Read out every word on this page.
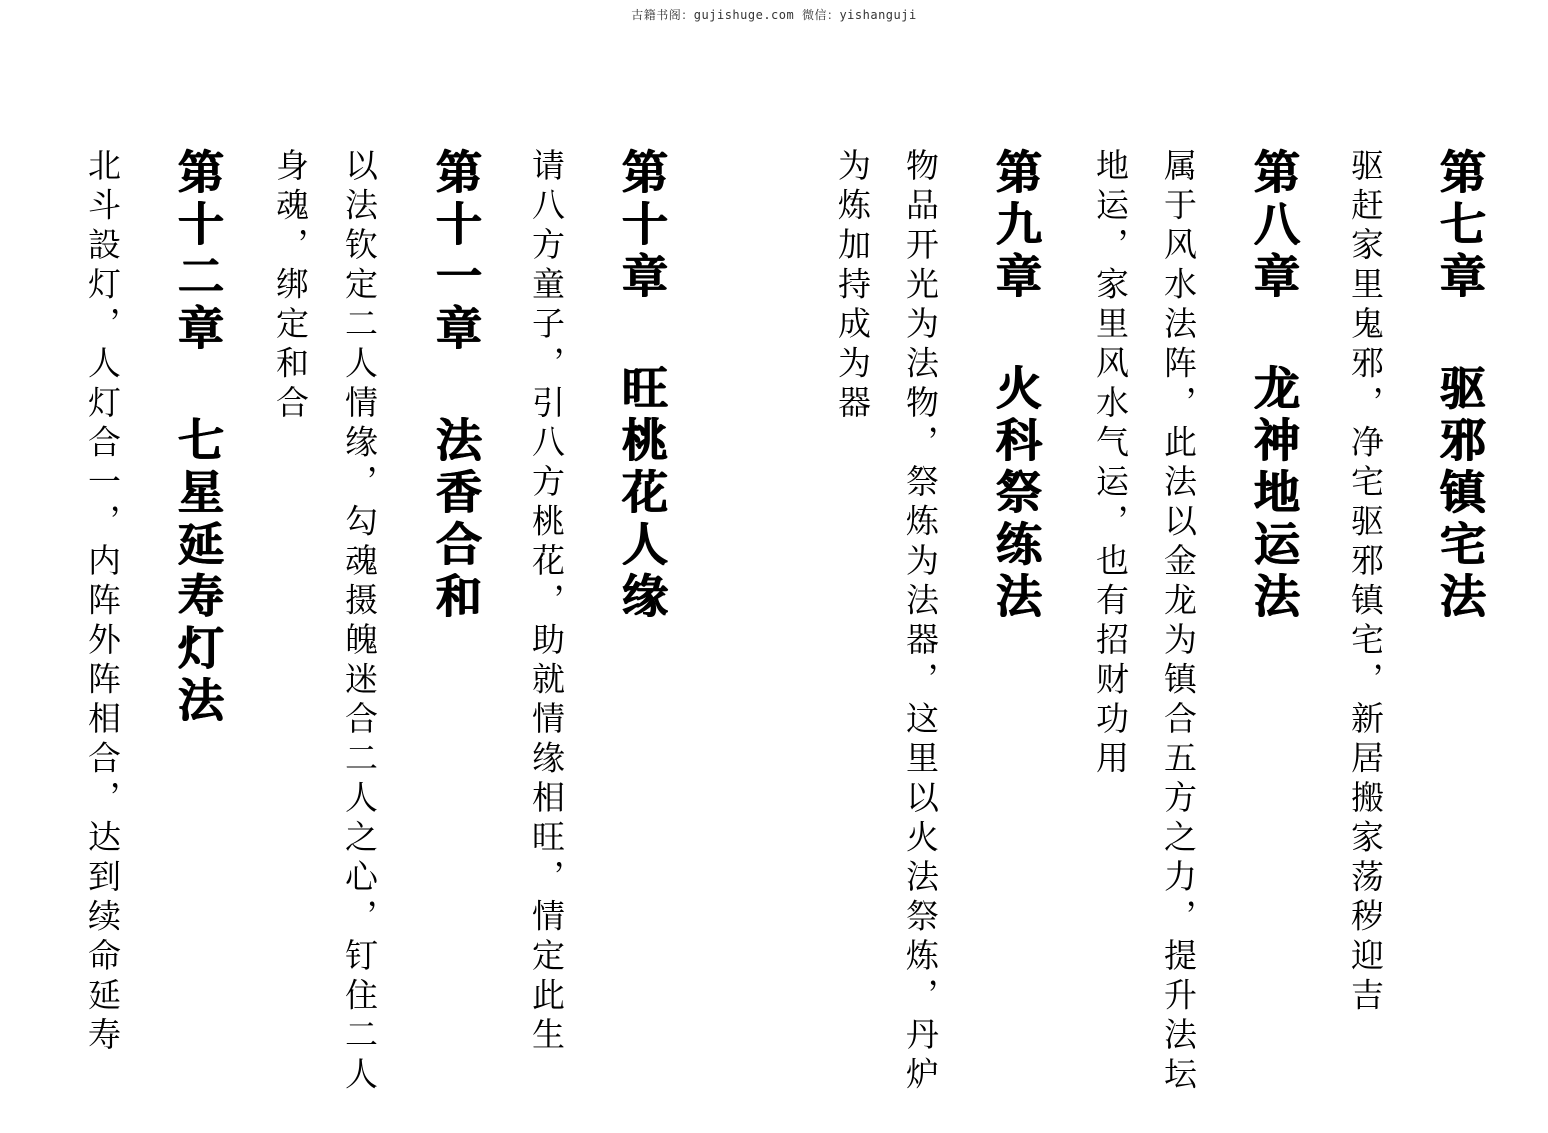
古籍书阁：gujishuge.com 微信：yishanguji
第七章驱邪镇宅法
驱赶家里鬼邪，净宅驱邪镇宅，新居搬家荡秽迎吉
第八章龙神地运法
属于风水法阵，此法以金龙为镇合五方之力，提升法坛
地运，家里风水气运，也有招财功用
第九章火科祭练法
物品开光为法物，祭炼为法器，这里以火法祭炼，丹炉
为炼加持成为器
第十章旺桃花人缘
请八方童子，引八方桃花，助就情缘相旺，情定此生
第十一章法香合和
以法钦定二人情缘，勾魂摄魄迷合二人之心，钉住二人
身魂，绑定和合
第十二章七星延寿灯法
北斗設灯，人灯合一，内阵外阵相合，达到续命延寿
